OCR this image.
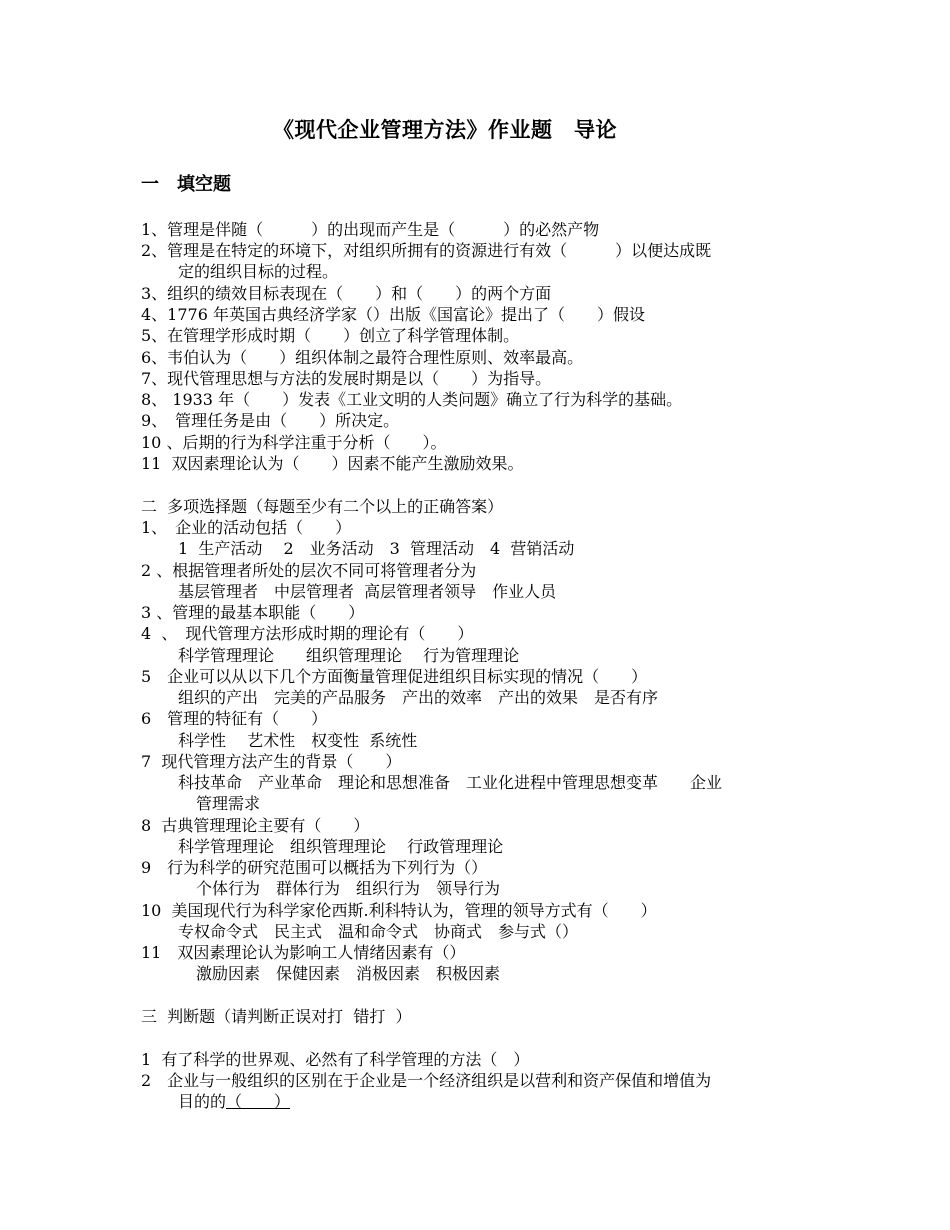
《现代企业管理方法》作业题　导论
一　填空题
1、管理是伴随（　　　）的出现而产生是（　　　）的必然产物
2、管理是在特定的环境下，对组织所拥有的资源进行有效（　　　）以便达成既
定的组织目标的过程。
3、组织的绩效目标表现在（　　）和（　　）的两个方面
4、1776 年英国古典经济学家（）出版《国富论》提出了（　　）假设
5、在管理学形成时期（　　）创立了科学管理体制。
6、韦伯认为（　　）组织体制之最符合理性原则、效率最高。
7、现代管理思想与方法的发展时期是以（　　）为指导。
8、 1933 年（　　）发表《工业文明的人类问题》确立了行为科学的基础。
9、　管理任务是由（　　）所决定。
10 、后期的行为科学注重于分析（　　）。
11  双因素理论认为（　　）因素不能产生激励效果。
二  多项选择题（每题至少有二个以上的正确答案）
1、　企业的活动包括（　　）
1  生产活动　 2　业务活动　3  管理活动　4  营销活动
2 、根据管理者所处的层次不同可将管理者分为
基层管理者　中层管理者  高层管理者领导　作业人员
3 、管理的最基本职能（　　）
4  、　现代管理方法形成时期的理论有（　　）
科学管理理论　　组织管理理论　 行为管理理论
5　企业可以从以下几个方面衡量管理促进组织目标实现的情况（　　）
组织的产出　完美的产品服务　产出的效率　产出的效果　是否有序
6　管理的特征有（　　）
科学性　 艺术性　权变性  系统性
7  现代管理方法产生的背景（　　）
科技革命　产业革命　理论和思想准备　工业化进程中管理思想变革　　企业
管理需求
8  古典管理理论主要有（　　）
科学管理理论　组织管理理论　 行政管理理论
9　行为科学的研究范围可以概括为下列行为（）
个体行为　群体行为　组织行为　领导行为
10  美国现代行为科学家伦西斯.利科特认为，管理的领导方式有（　　）
专权命令式　民主式　温和命令式　协商式　参与式（）
11　双因素理论认为影响工人情绪因素有（）
激励因素　保健因素　消极因素　积极因素
三  判断题（请判断正误对打  错打  ）
1  有了科学的世界观、必然有了科学管理的方法（　）
2　企业与一般组织的区别在于企业是一个经济组织是以营利和资产保值和增值为
目的的（　　）
